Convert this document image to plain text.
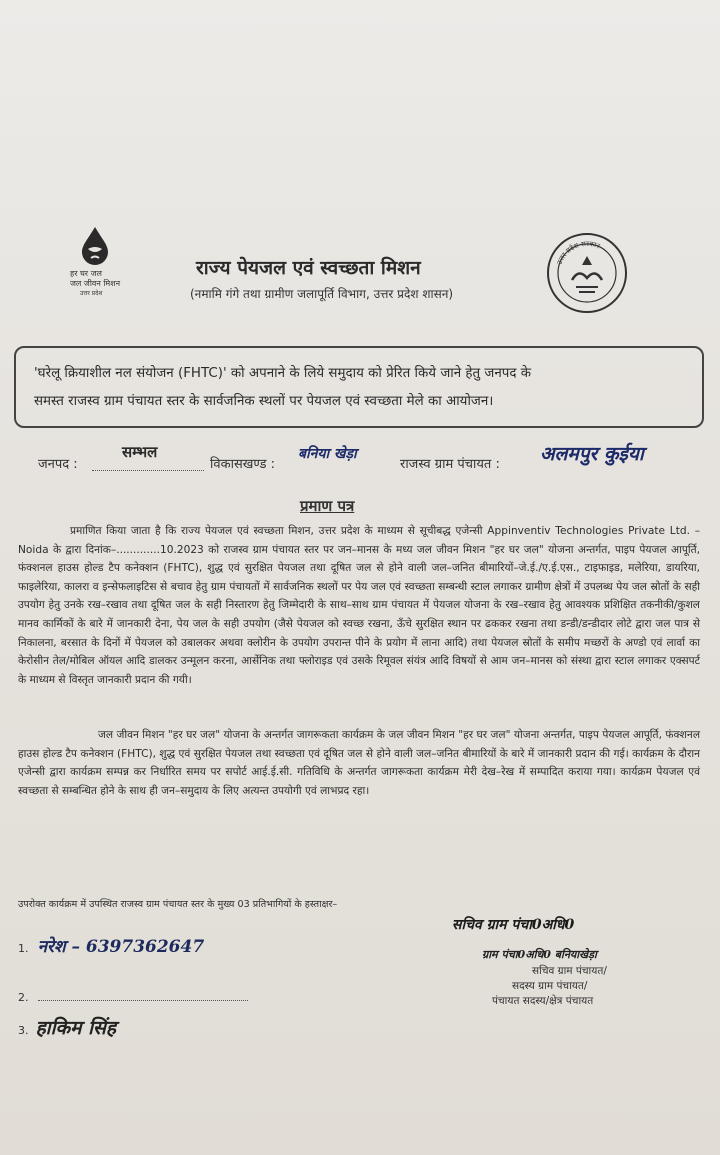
हर घर जल
जल जीवन मिशन
उत्तर प्रदेश
राज्य पेयजल एवं स्वच्छता मिशन
(नमामि गंगे तथा ग्रामीण जलापूर्ति विभाग, उत्तर प्रदेश शासन)
उत्तर प्रदेश सरकार
'घरेलू क्रियाशील नल संयोजन (FHTC)' को अपनाने के लिये समुदाय को प्रेरित किये जाने हेतु जनपद के
समस्त राजस्व ग्राम पंचायत स्तर के सार्वजनिक स्थलों पर पेयजल एवं स्वच्छता मेले का आयोजन।
जनपद :
सम्भल
विकासखण्ड :
बनिया खेड़ा
राजस्व ग्राम पंचायत : अलमपुर कुईया
प्रमाण पत्र
प्रमाणित किया जाता है कि राज्य पेयजल एवं स्वच्छता मिशन, उत्तर प्रदेश के माध्यम से सूचीबद्ध एजेन्सी Appinventiv Technologies Private Ltd. – Noida के द्वारा दिनांक–.............10.2023 को राजस्व ग्राम पंचायत स्तर पर जन–मानस के मध्य जल जीवन मिशन "हर घर जल" योजना अन्तर्गत, पाइप पेयजल आपूर्ति, फंक्शनल हाउस होल्ड टैप कनेक्शन (FHTC), शुद्ध एवं सुरक्षित पेयजल तथा दूषित जल से होने वाली जल–जनित बीमारियों–जे.ई./ए.ई.एस., टाइफाइड, मलेरिया, डायरिया, फाइलेरिया, कालरा व इन्सेफलाइटिस से बचाव हेतु ग्राम पंचायतों में सार्वजनिक स्थलों पर पेय जल एवं स्वच्छता सम्बन्धी स्टाल लगाकर ग्रामीण क्षेत्रों में उपलब्ध पेय जल स्रोतों के सही उपयोग हेतु उनके रख–रखाव तथा दूषित जल के सही निस्तारण हेतु जिम्मेदारी के साथ–साथ ग्राम पंचायत में पेयजल योजना के रख–रखाव हेतु आवश्यक प्रशिक्षित तकनीकी/कुशल मानव कार्मिकों के बारे में जानकारी देना, पेय जल के सही उपयोग (जैसे पेयजल को स्वच्छ रखना, ऊँचे सुरक्षित स्थान पर ढककर रखना तथा डन्डी/डन्डीदार लोटे द्वारा जल पात्र से निकालना, बरसात के दिनों में पेयजल को उबालकर अथवा क्लोरीन के उपयोग उपरान्त पीने के प्रयोग में लाना आदि) तथा पेयजल स्रोतों के समीप मच्छरों के अण्डो एवं लार्वा का केरोसीन तेल/मोबिल ऑयल आदि डालकर उन्मूलन करना, आर्सेनिक तथा फ्लोराइड एवं उसके रिमूवल संयंत्र आदि विषयों से आम जन–मानस को संस्था द्वारा स्टाल लगाकर एक्सपर्ट के माध्यम से विस्तृत जानकारी प्रदान की गयी।
जल जीवन मिशन "हर घर जल" योजना के अन्तर्गत जागरूकता कार्यक्रम के जल जीवन मिशन "हर घर जल" योजना अन्तर्गत, पाइप पेयजल आपूर्ति, फंक्शनल हाउस होल्ड टैप कनेक्शन (FHTC), शुद्ध एवं सुरक्षित पेयजल तथा स्वच्छता एवं दूषित जल से होने वाली जल–जनित बीमारियों के बारे में जानकारी प्रदान की गई। कार्यक्रम के दौरान एजेन्सी द्वारा कार्यक्रम सम्पन्न कर निर्धारित समय पर सपोर्ट आई.ई.सी. गतिविधि के अन्तर्गत जागरूकता कार्यक्रम मेरी देख–रेख में सम्पादित कराया गया। कार्यक्रम पेयजल एवं स्वच्छता से सम्बन्धित होने के साथ ही जन–समुदाय के लिए अत्यन्त उपयोगी एवं लाभप्रद रहा।
उपरोक्त कार्यक्रम में उपस्थित राजस्व ग्राम पंचायत स्तर के मुख्य 03 प्रतिभागियों के हस्ताक्षर–
1. नरेश – 6397362647
2.
3. हाकिम सिंह
सचिव ग्राम पंचा0अधि0
ग्राम पंचा0अधि0 बनियाखेड़ा
सचिव ग्राम पंचायत/
सदस्य ग्राम पंचायत/
पंचायत सदस्य/क्षेत्र पंचायत
